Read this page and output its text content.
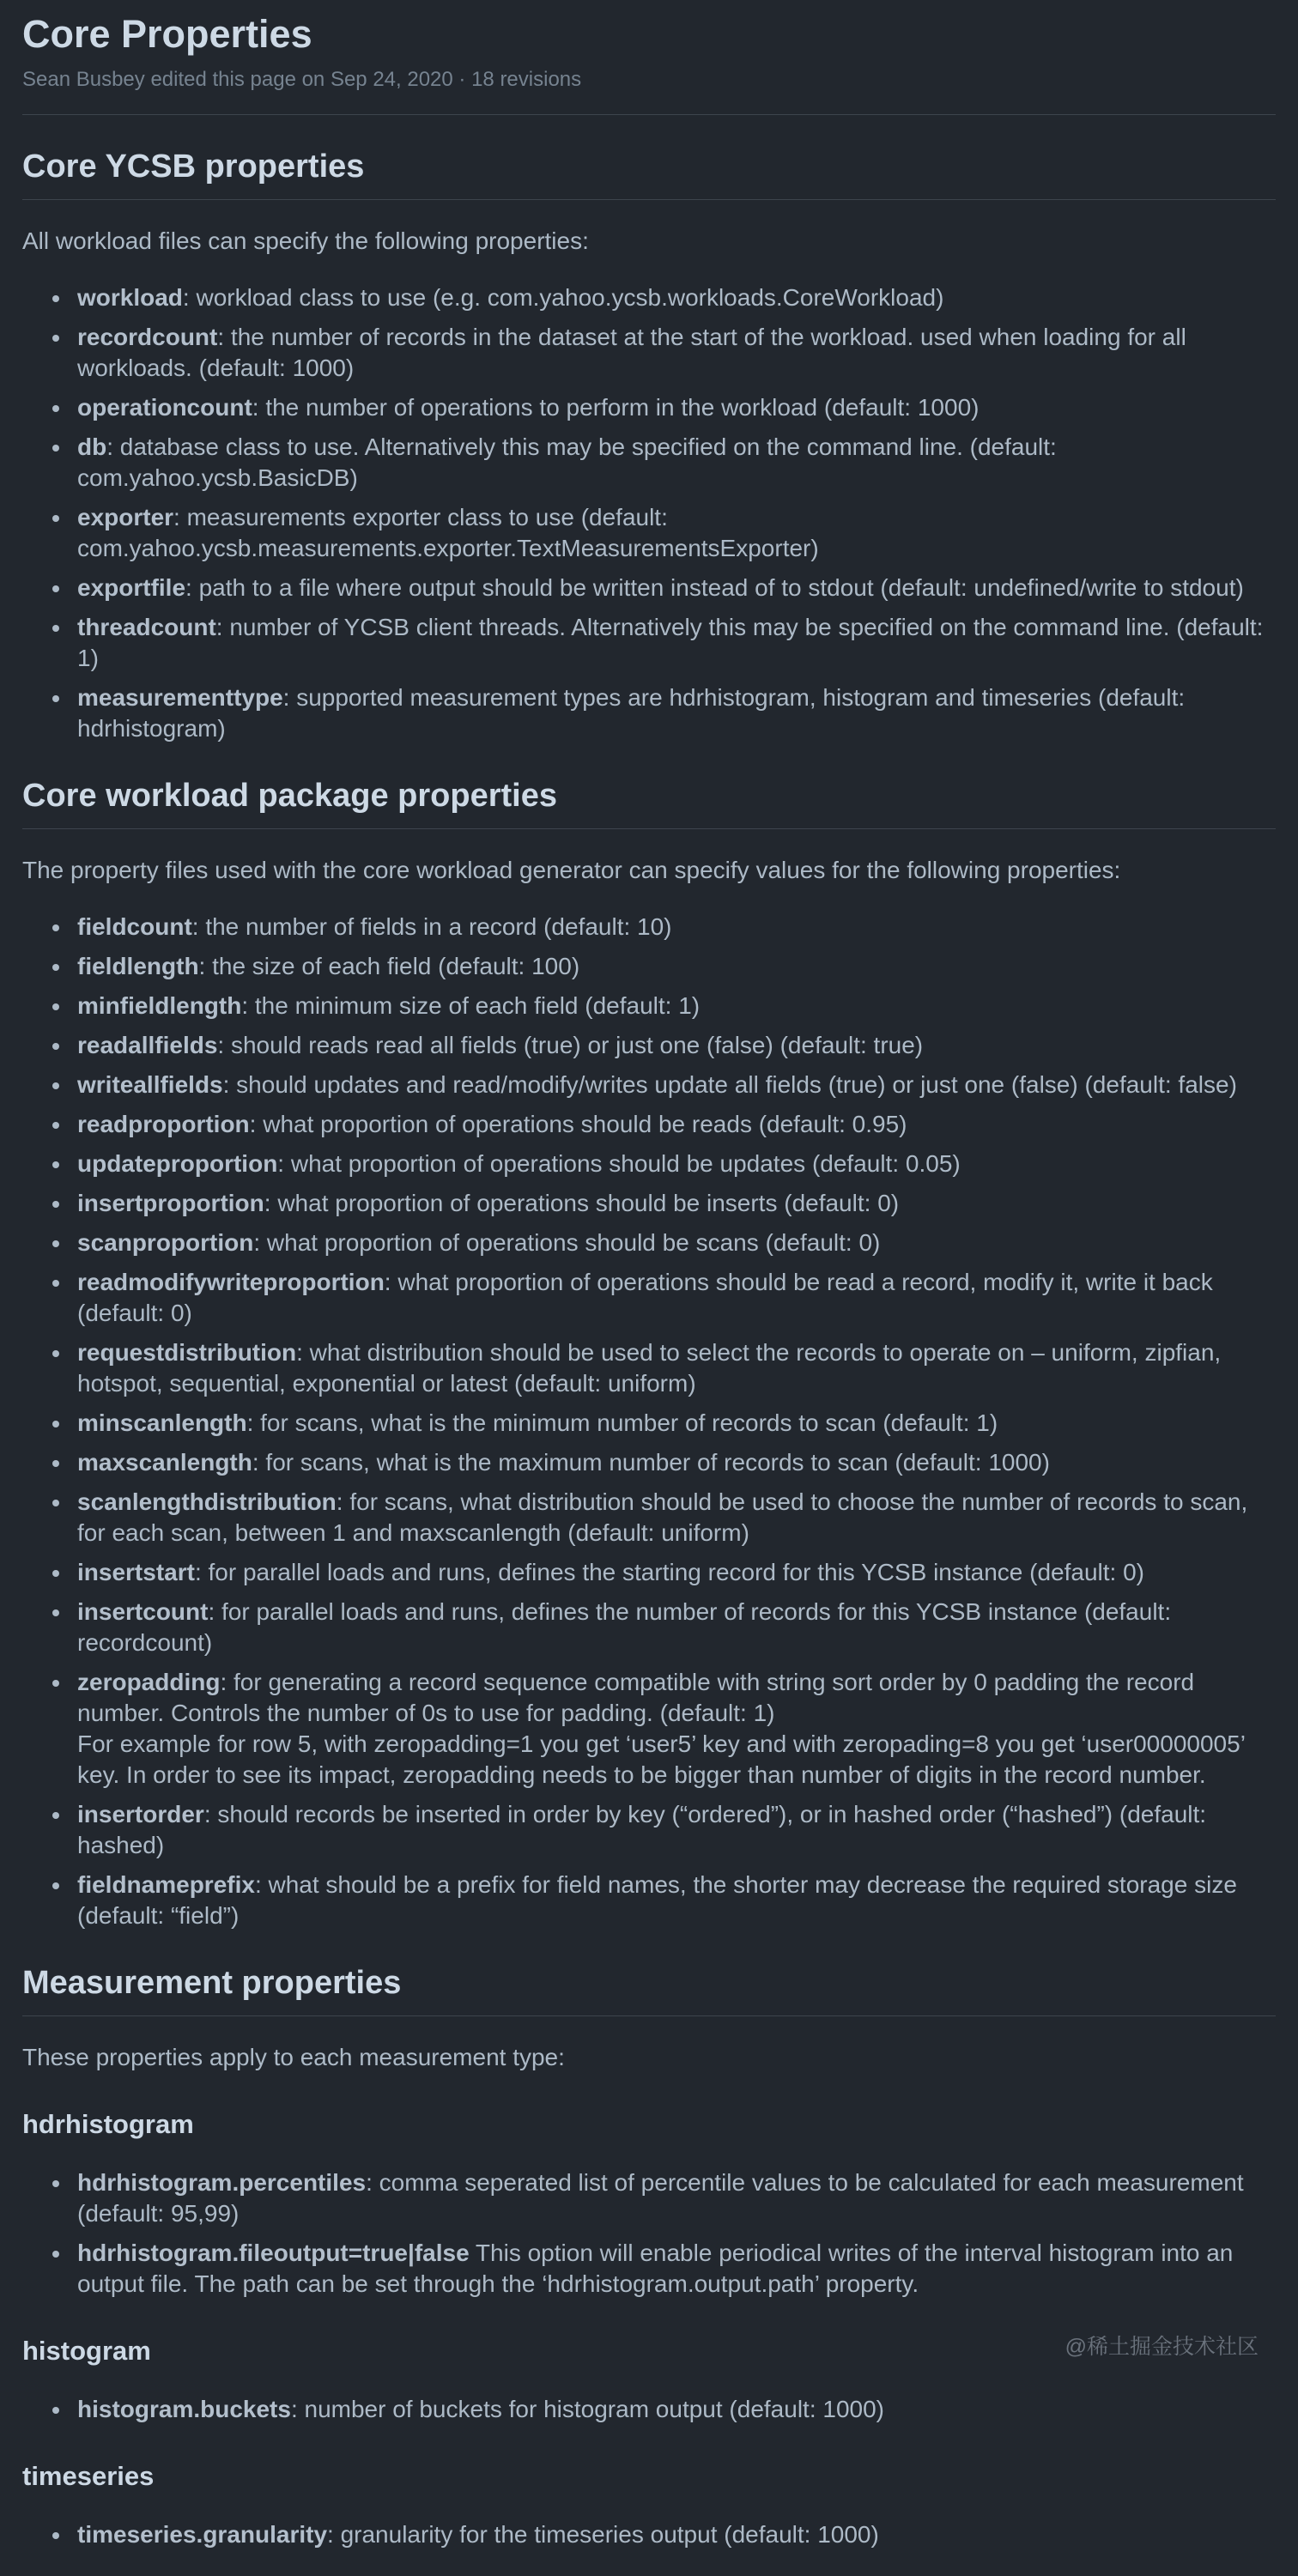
Core Properties

Sean Busbey edited this page on Sep 24, 2020 · 18 revisions

Core YCSB properties

All workload files can specify the following properties:

• workload: workload class to use (e.g. com.yahoo.ycsb.workloads.CoreWorkload)
• recordcount: the number of records in the dataset at the start of the workload. used when loading for all workloads. (default: 1000)
• operationcount: the number of operations to perform in the workload (default: 1000)
• db: database class to use. Alternatively this may be specified on the command line. (default: com.yahoo.ycsb.BasicDB)
• exporter: measurements exporter class to use (default: com.yahoo.ycsb.measurements.exporter.TextMeasurementsExporter)
• exportfile: path to a file where output should be written instead of to stdout (default: undefined/write to stdout)
• threadcount: number of YCSB client threads. Alternatively this may be specified on the command line. (default: 1)
• measurementtype: supported measurement types are hdrhistogram, histogram and timeseries (default: hdrhistogram)
Core workload package properties

The property files used with the core workload generator can specify values for the following properties:

• fieldcount: the number of fields in a record (default: 10)
• fieldlength: the size of each field (default: 100)
• minfieldlength: the minimum size of each field (default: 1)
• readallfields: should reads read all fields (true) or just one (false) (default: true)
• writeallfields: should updates and read/modify/writes update all fields (true) or just one (false) (default: false)
• readproportion: what proportion of operations should be reads (default: 0.95)
• updateproportion: what proportion of operations should be updates (default: 0.05)
• insertproportion: what proportion of operations should be inserts (default: 0)
• scanproportion: what proportion of operations should be scans (default: 0)
• readmodifywriteproportion: what proportion of operations should be read a record, modify it, write it back (default: 0)
• requestdistribution: what distribution should be used to select the records to operate on – uniform, zipfian, hotspot, sequential, exponential or latest (default: uniform)
• minscanlength: for scans, what is the minimum number of records to scan (default: 1)
• maxscanlength: for scans, what is the maximum number of records to scan (default: 1000)
• scanlengthdistribution: for scans, what distribution should be used to choose the number of records to scan, for each scan, between 1 and maxscanlength (default: uniform)
• insertstart: for parallel loads and runs, defines the starting record for this YCSB instance (default: 0)
• insertcount: for parallel loads and runs, defines the number of records for this YCSB instance (default: recordcount)
• zeropadding: for generating a record sequence compatible with string sort order by 0 padding the record number. Controls the number of 0s to use for padding. (default: 1)
For example for row 5, with zeropadding=1 you get ‘user5’ key and with zeropading=8 you get ‘user00000005’ key. In order to see its impact, zeropadding needs to be bigger than number of digits in the record number.
• insertorder: should records be inserted in order by key (“ordered”), or in hashed order (“hashed”) (default: hashed)
• fieldnameprefix: what should be a prefix for field names, the shorter may decrease the required storage size (default: “field”)
Measurement properties

These properties apply to each measurement type:

hdrhistogram
• hdrhistogram.percentiles: comma seperated list of percentile values to be calculated for each measurement (default: 95,99)
• hdrhistogram.fileoutput=true|false This option will enable periodical writes of the interval histogram into an output file. The path can be set through the ‘hdrhistogram.output.path’ property.
histogram
• histogram.buckets: number of buckets for histogram output (default: 1000)
timeseries
• timeseries.granularity: granularity for the timeseries output (default: 1000)
@稀土掘金技术社区
